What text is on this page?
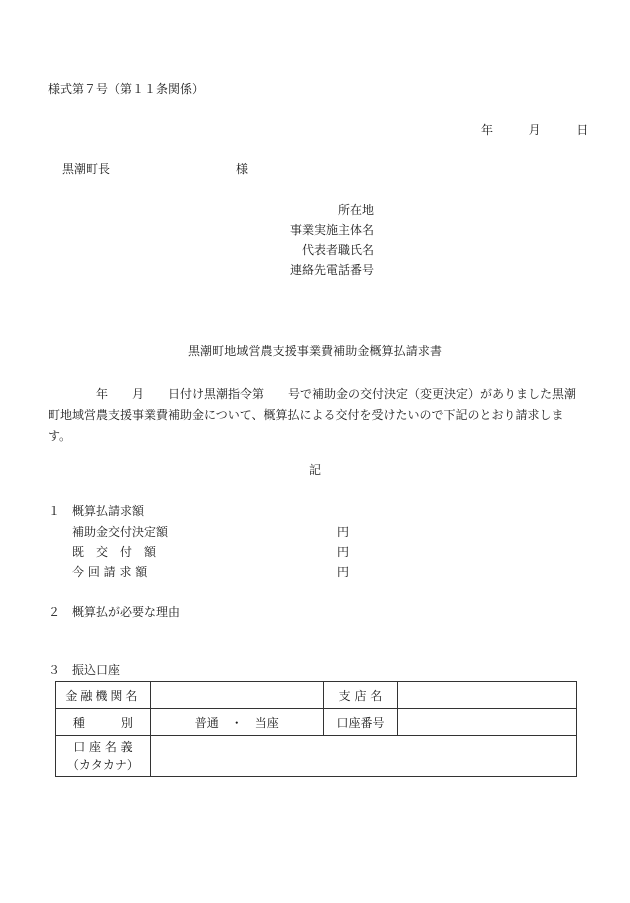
様式第７号（第１１条関係）
年	月	日
黒潮町長	様
所在地
事業実施主体名
代表者職氏名
連絡先電話番号
黒潮町地域営農支援事業費補助金概算払請求書
年 月 日付け黒潮指令第 号で補助金の交付決定（変更決定）がありました黒潮町地域営農支援事業費補助金について、概算払による交付を受けたいので下記のとおり請求します。
記
１ 概算払請求額
補助金交付決定額	円
既　交　付　額	円
今 回 請 求 額	円
２ 概算払が必要な理由
３ 振込口座
金融機関名		支 店 名	
種　　　別	普通　・　当座	口座番号	

口 座 名 義
（カタカナ）			
